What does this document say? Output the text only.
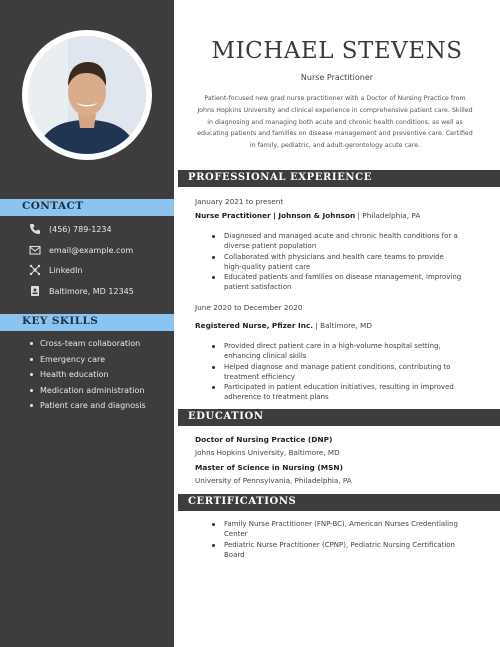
CONTACT
(456) 789-1234
email@example.com
LinkedIn
Baltimore, MD 12345
KEY SKILLS
Cross-team collaboration
Emergency care
Health education
Medication administration
Patient care and diagnosis
MICHAEL STEVENS
Nurse Practitioner
Patient-focused new grad nurse practitioner with a Doctor of Nursing Practice from Johns Hopkins University and clinical experience in comprehensive patient care. Skilled in diagnosing and managing both acute and chronic health conditions, as well as educating patients and families on disease management and preventive care. Certified in family, pediatric, and adult-gerontology acute care.
PROFESSIONAL EXPERIENCE
January 2021 to present
Nurse Practitioner | Johnson & Johnson | Philadelphia, PA
Diagnosed and managed acute and chronic health conditions for a diverse patient population
Collaborated with physicians and health care teams to provide high-quality patient care
Educated patients and families on disease management, improving patient satisfaction
June 2020 to December 2020
Registered Nurse, Pfizer Inc. | Baltimore, MD
Provided direct patient care in a high-volume hospital setting, enhancing clinical skills
Helped diagnose and manage patient conditions, contributing to treatment efficiency
Participated in patient education initiatives, resulting in improved adherence to treatment plans
EDUCATION
Doctor of Nursing Practice (DNP)
Johns Hopkins University, Baltimore, MD
Master of Science in Nursing (MSN)
University of Pennsylvania, Philadelphia, PA
CERTIFICATIONS
Family Nurse Practitioner (FNP-BC), American Nurses Credentialing Center
Pediatric Nurse Practitioner (CPNP), Pediatric Nursing Certification Board
